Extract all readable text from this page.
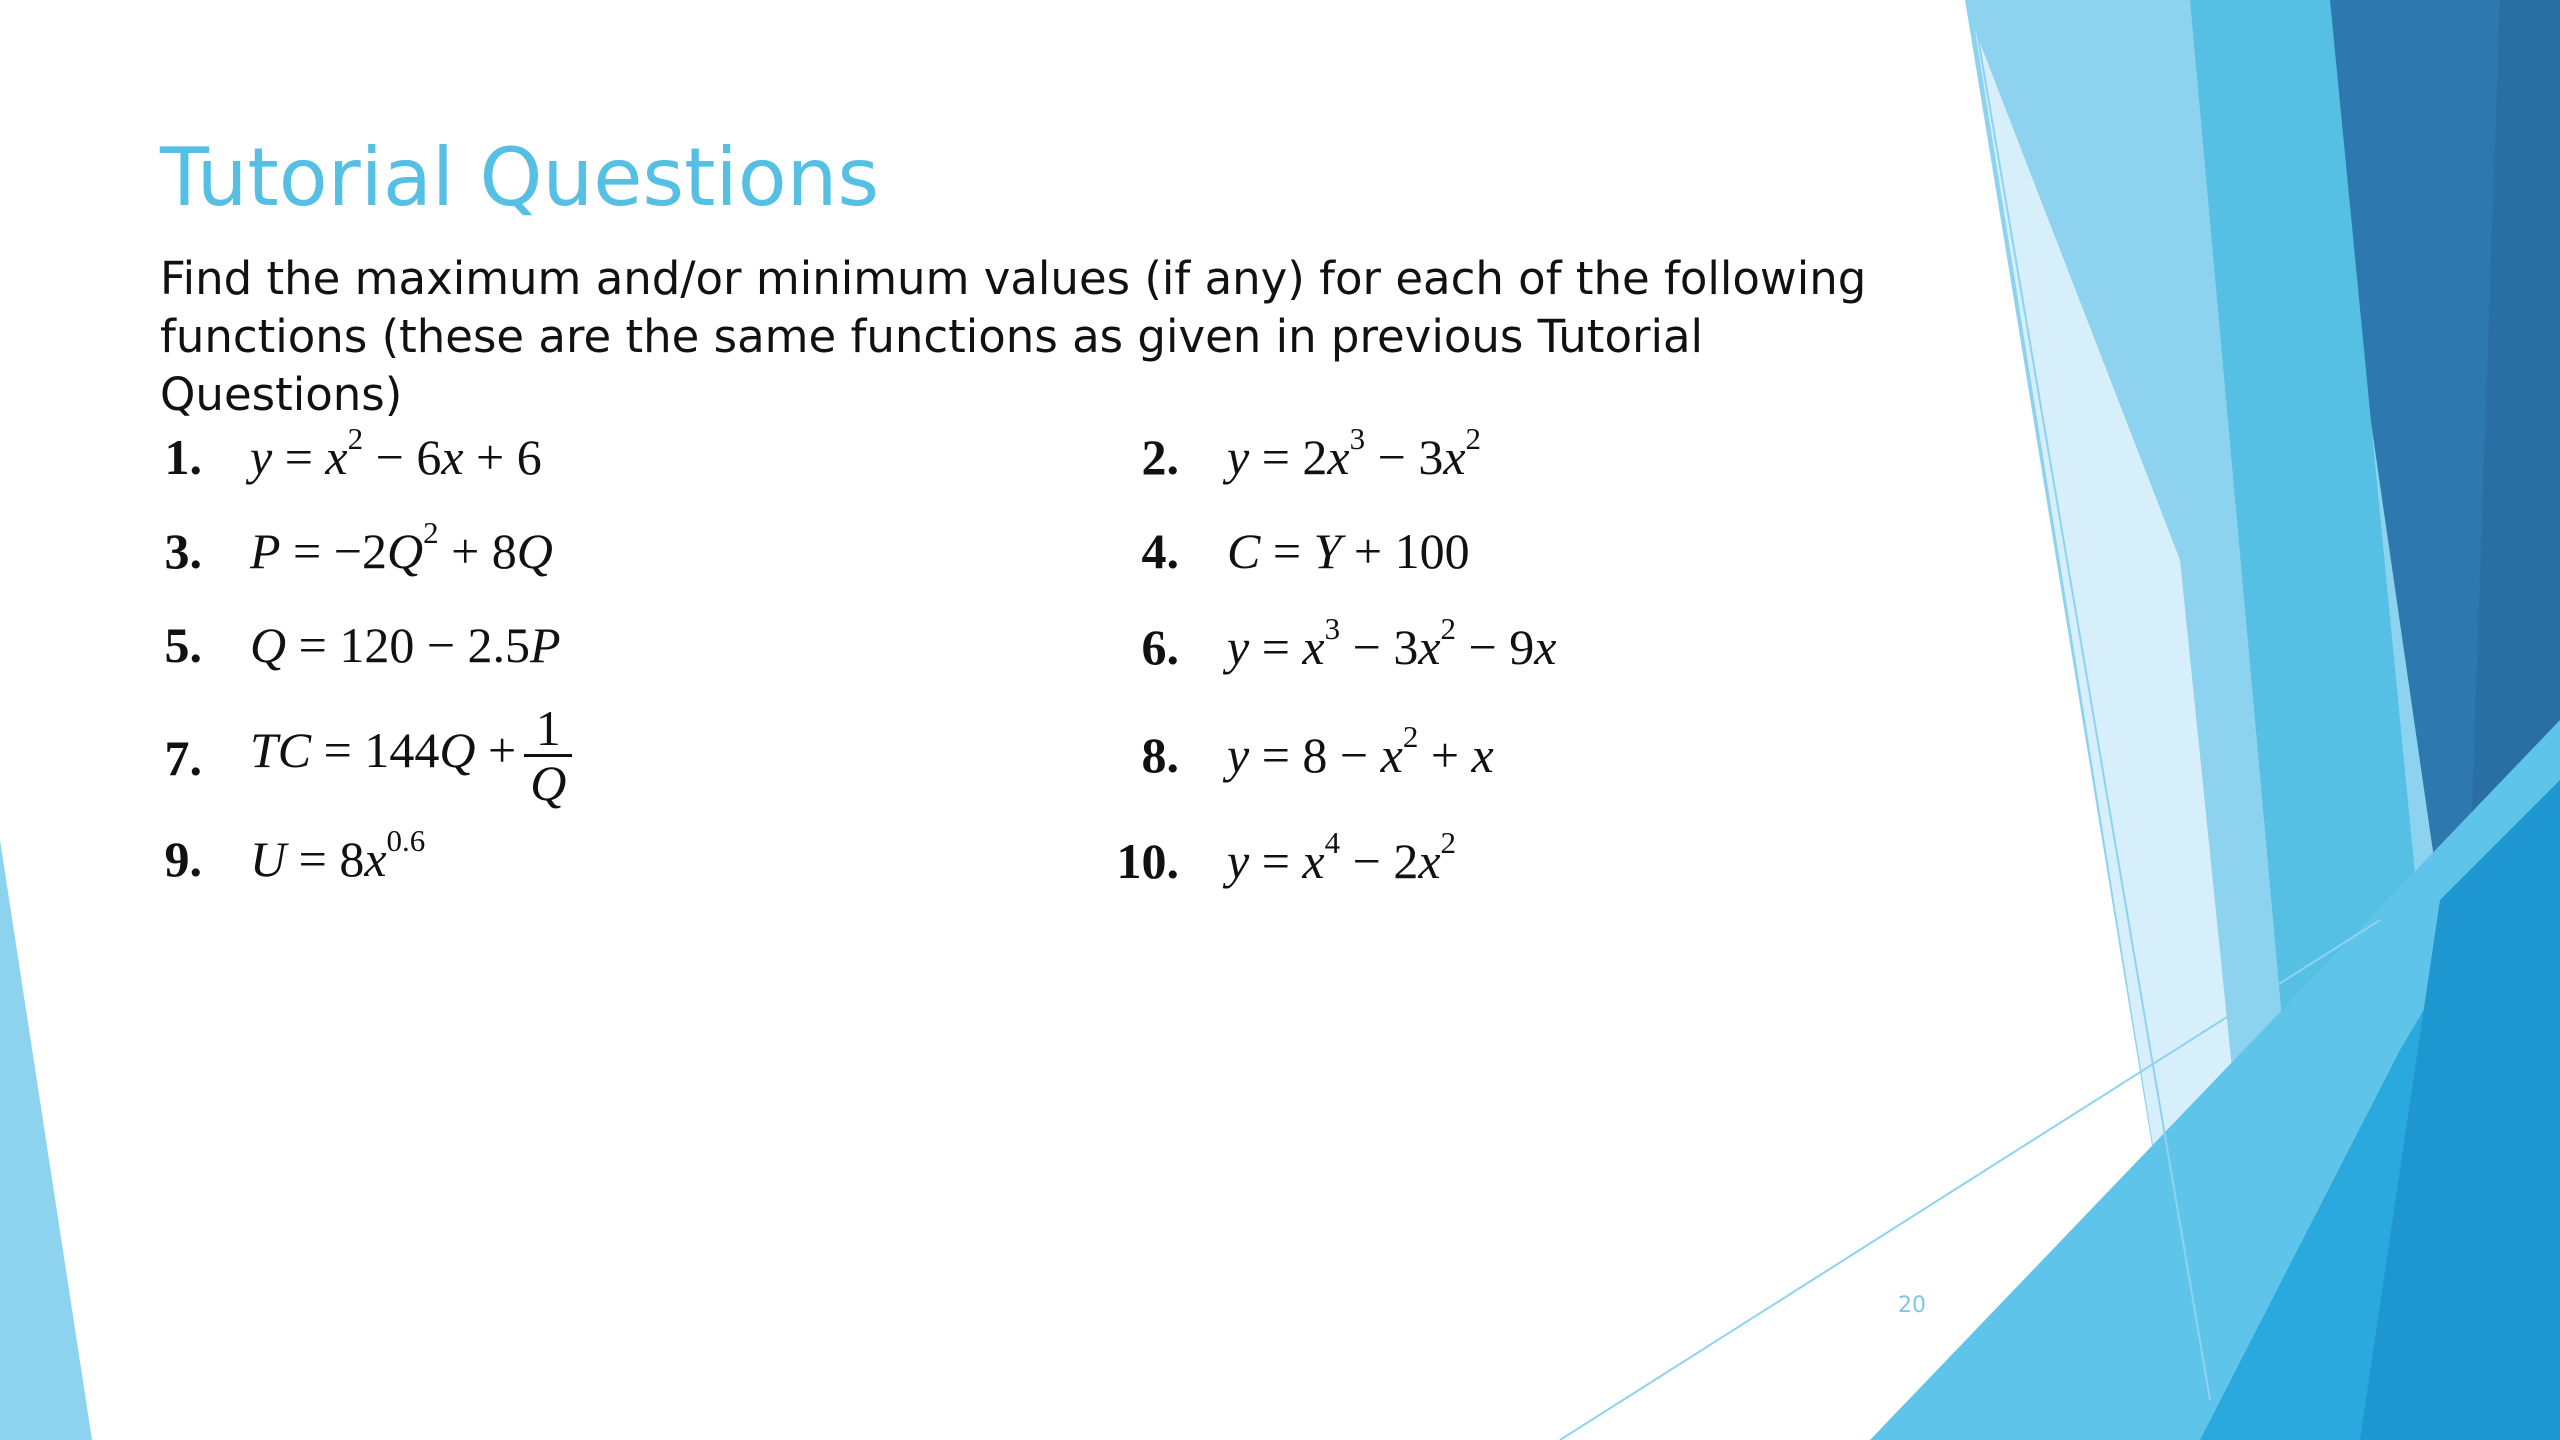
Tutorial Questions

Find the maximum and/or minimum values (if any) for each of the following
functions (these are the same functions as given in previous Tutorial Questions)

1. $y = x^2 - 6x + 6$	2. $y = 2x^3 - 3x^2$
3. $P = -2Q^2 + 8Q$	4. C = Y + 100
5. Q = 120 − 2.5P	6. $y = x^3 - 3x^2 - 9x$
7. TC = $144Q + \frac{1}{Q}$	8. $y = 8 - x^2 + x$
9. $U = 8x^{0.6}$	10. $y = x^4 - 2x^2$
20
